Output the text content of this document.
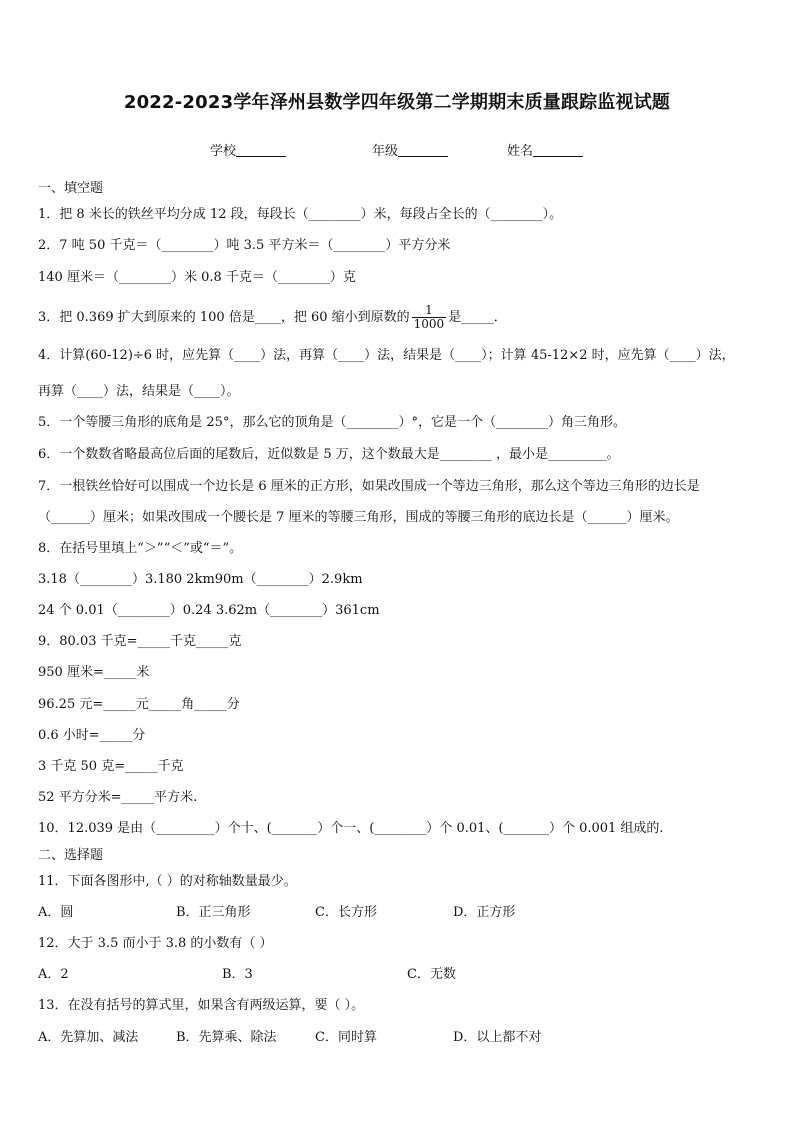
2022-2023学年泽州县数学四年级第二学期期末质量跟踪监视试题
学校	年级	姓名
一、填空题
1．把 8 米长的铁丝平均分成 12 段，每段长（________）米，每段占全长的（________）。
2．7 吨 50 千克＝（________）吨 3.5 平方米＝（________）平方分米
140 厘米＝（________）米 0.8 千克＝（________）克
3．把 0.369 扩大到原来的 100 倍是____，把 60 缩小到原数的 $\frac{1}{1000}$ 是_____．
4．计算(60-12)÷6 时，应先算（____）法，再算（____）法，结果是（____）；计算 45-12×2 时，应先算（____）法，
再算（____）法，结果是（____）。
5．一个等腰三角形的底角是 25°，那么它的顶角是（________）°，它是一个（________）角三角形。
6．一个数数省略最高位后面的尾数后，近似数是 5 万，这个数最大是________ ，最小是_________。
7．一根铁丝恰好可以围成一个边长是 6 厘米的正方形，如果改围成一个等边三角形，那么这个等边三角形的边长是
（______）厘米；如果改围成一个腰长是 7 厘米的等腰三角形，围成的等腰三角形的底边长是（______）厘米。
8．在括号里填上“＞”“＜”或“＝”。
3.18（________）3.180 2km90m（________）2.9km
24 个 0.01（________）0.24 3.62m（________）361cm
9．80.03 千克=_____千克_____克
950 厘米=_____米
96.25 元=_____元_____角_____分
0.6 小时=_____分
3 千克 50 克=_____千克
52 平方分米=_____平方米.
10．12.039 是由（_________）个十、(_______）个一、(________）个 0.01、(_______）个 0.001 组成的.
二、选择题
11．下面各图形中,（ ）的对称轴数量最少。
A．圆	B．正三角形	C．长方形	D．正方形
12．大于 3.5 而小于 3.8 的小数有（ ）
A．2	B．3	C．无数
13．在没有括号的算式里，如果含有两级运算，要（ ）。
A．先算加、减法	B．先算乘、除法	C．同时算	D．以上都不对
